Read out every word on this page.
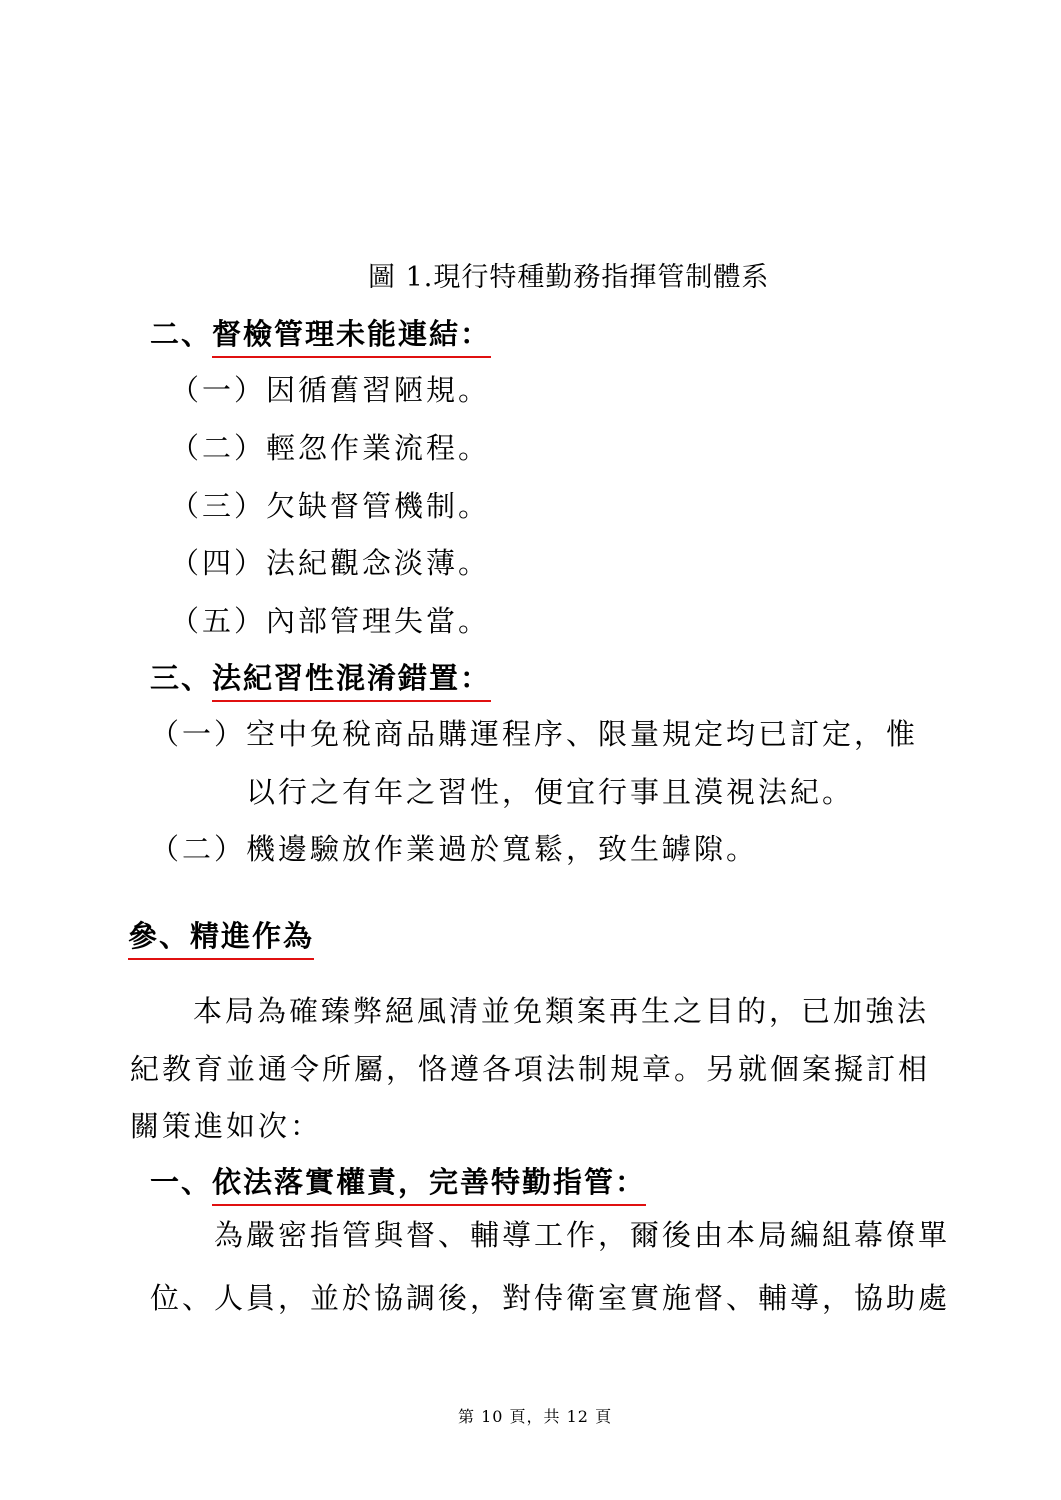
圖 1.現行特種勤務指揮管制體系
二、督檢管理未能連結：
（一）因循舊習陋規。
（二）輕忽作業流程。
（三）欠缺督管機制。
（四）法紀觀念淡薄。
（五）內部管理失當。
三、法紀習性混淆錯置：
（一）空中免稅商品購運程序、限量規定均已訂定，惟
以行之有年之習性，便宜行事且漠視法紀。
（二）機邊驗放作業過於寬鬆，致生罅隙。
參、精進作為
本局為確臻弊絕風清並免類案再生之目的，已加強法
紀教育並通令所屬，恪遵各項法制規章。另就個案擬訂相
關策進如次：
一、依法落實權責，完善特勤指管：
為嚴密指管與督、輔導工作，爾後由本局編組幕僚單
位、人員，並於協調後，對侍衛室實施督、輔導，協助處
第 10 頁，共 12 頁
